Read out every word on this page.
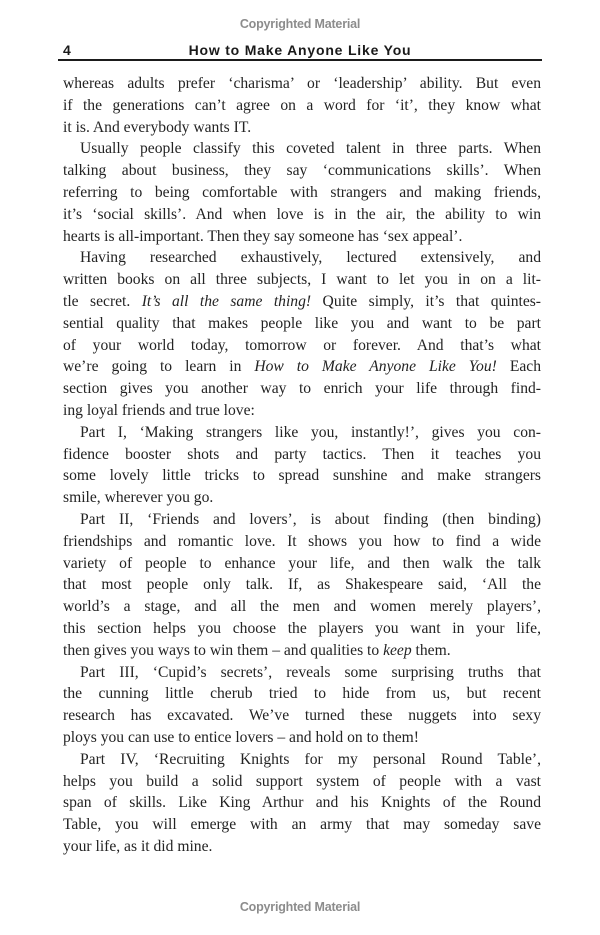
Copyrighted Material
4	How to Make Anyone Like You
whereas adults prefer ‘charisma’ or ‘leadership’ ability. But even
if the generations can’t agree on a word for ‘it’, they know what
it is. And everybody wants IT.
Usually people classify this coveted talent in three parts. When
talking about business, they say ‘communications skills’. When
referring to being comfortable with strangers and making friends,
it’s ‘social skills’. And when love is in the air, the ability to win
hearts is all-important. Then they say someone has ‘sex appeal’.
Having researched exhaustively, lectured extensively, and
written books on all three subjects, I want to let you in on a lit-
tle secret. It’s all the same thing! Quite simply, it’s that quintes-
sential quality that makes people like you and want to be part
of your world today, tomorrow or forever. And that’s what
we’re going to learn in How to Make Anyone Like You! Each
section gives you another way to enrich your life through find-
ing loyal friends and true love:
Part I, ‘Making strangers like you, instantly!’, gives you con-
fidence booster shots and party tactics. Then it teaches you
some lovely little tricks to spread sunshine and make strangers
smile, wherever you go.
Part II, ‘Friends and lovers’, is about finding (then binding)
friendships and romantic love. It shows you how to find a wide
variety of people to enhance your life, and then walk the talk
that most people only talk. If, as Shakespeare said, ‘All the
world’s a stage, and all the men and women merely players’,
this section helps you choose the players you want in your life,
then gives you ways to win them – and qualities to keep them.
Part III, ‘Cupid’s secrets’, reveals some surprising truths that
the cunning little cherub tried to hide from us, but recent
research has excavated. We’ve turned these nuggets into sexy
ploys you can use to entice lovers – and hold on to them!
Part IV, ‘Recruiting Knights for my personal Round Table’,
helps you build a solid support system of people with a vast
span of skills. Like King Arthur and his Knights of the Round
Table, you will emerge with an army that may someday save
your life, as it did mine.
Copyrighted Material
